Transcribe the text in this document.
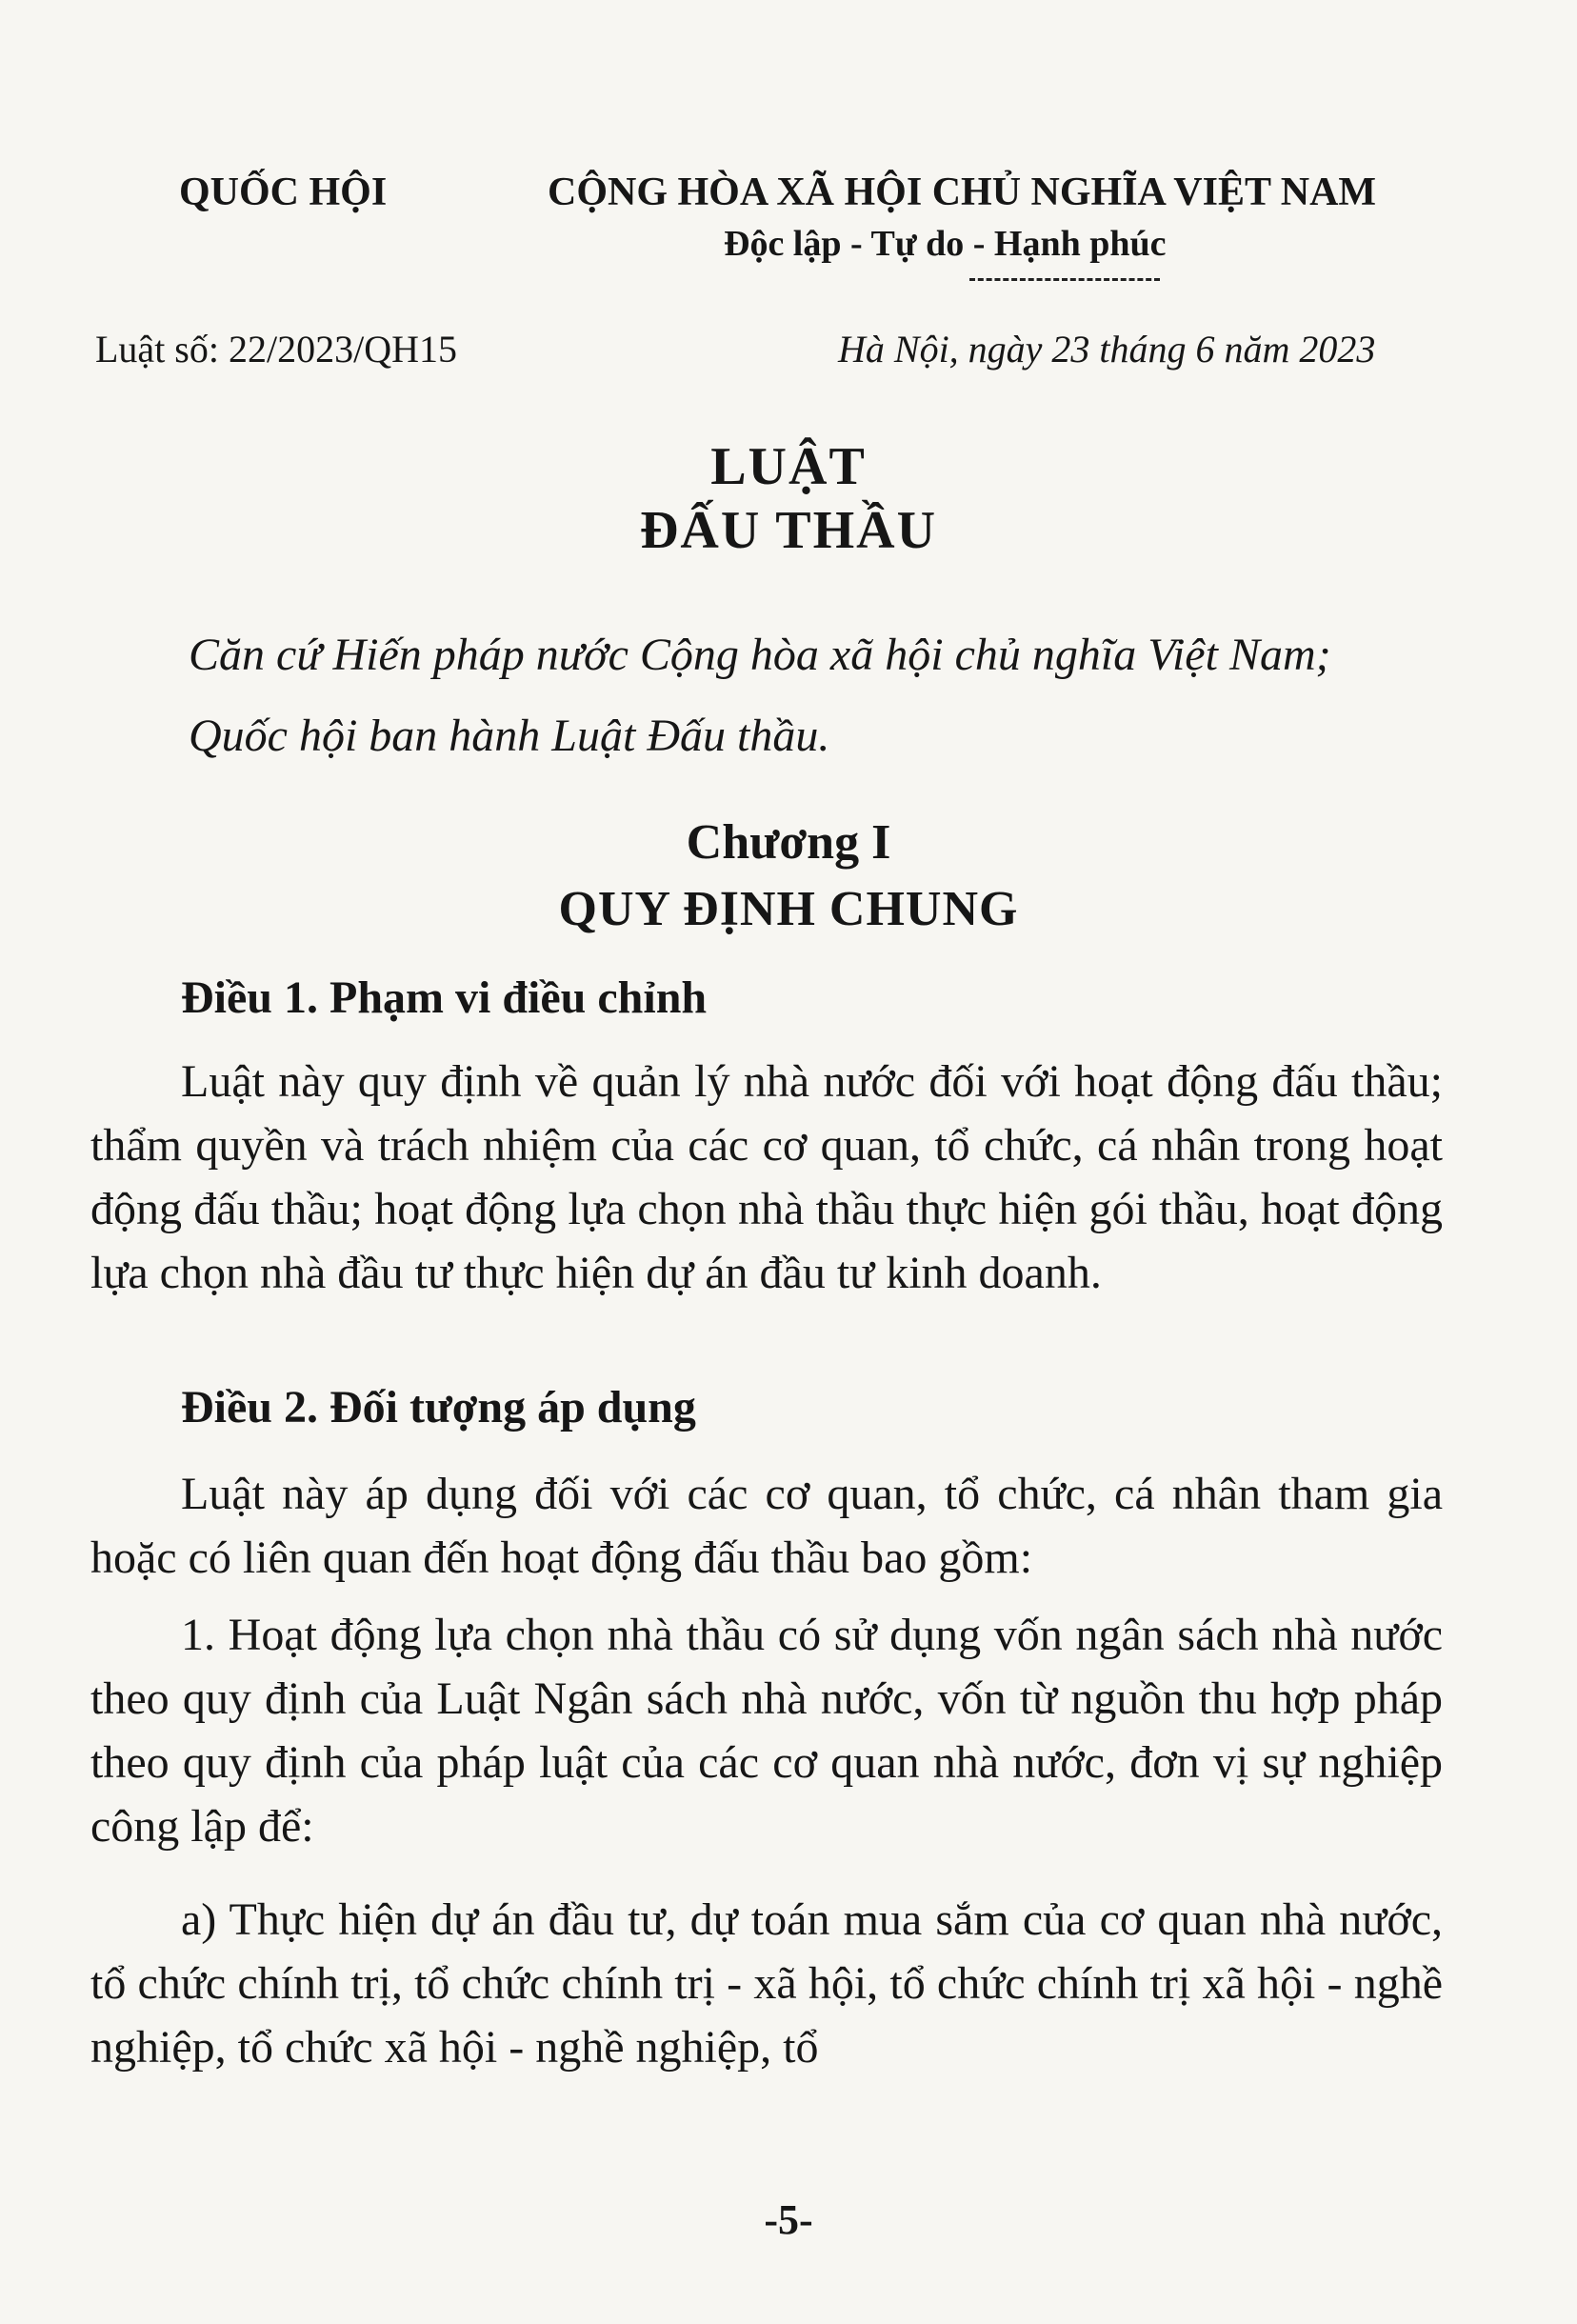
QUỐC HỘI	CỘNG HÒA XÃ HỘI CHỦ NGHĨA VIỆT NAM
Độc lập - Tự do - Hạnh phúc
Luật số: 22/2023/QH15	Hà Nội, ngày 23 tháng 6 năm 2023
LUẬT
ĐẤU THẦU
Căn cứ Hiến pháp nước Cộng hòa xã hội chủ nghĩa Việt Nam;
Quốc hội ban hành Luật Đấu thầu.
Chương I
QUY ĐỊNH CHUNG
Điều 1. Phạm vi điều chỉnh
Luật này quy định về quản lý nhà nước đối với hoạt động đấu thầu; thẩm quyền và trách nhiệm của các cơ quan, tổ chức, cá nhân trong hoạt động đấu thầu; hoạt động lựa chọn nhà thầu thực hiện gói thầu, hoạt động lựa chọn nhà đầu tư thực hiện dự án đầu tư kinh doanh.
Điều 2. Đối tượng áp dụng
Luật này áp dụng đối với các cơ quan, tổ chức, cá nhân tham gia hoặc có liên quan đến hoạt động đấu thầu bao gồm:
1. Hoạt động lựa chọn nhà thầu có sử dụng vốn ngân sách nhà nước theo quy định của Luật Ngân sách nhà nước, vốn từ nguồn thu hợp pháp theo quy định của pháp luật của các cơ quan nhà nước, đơn vị sự nghiệp công lập để:
a) Thực hiện dự án đầu tư, dự toán mua sắm của cơ quan nhà nước, tổ chức chính trị, tổ chức chính trị - xã hội, tổ chức chính trị xã hội - nghề nghiệp, tổ chức xã hội - nghề nghiệp, tổ
-5-
